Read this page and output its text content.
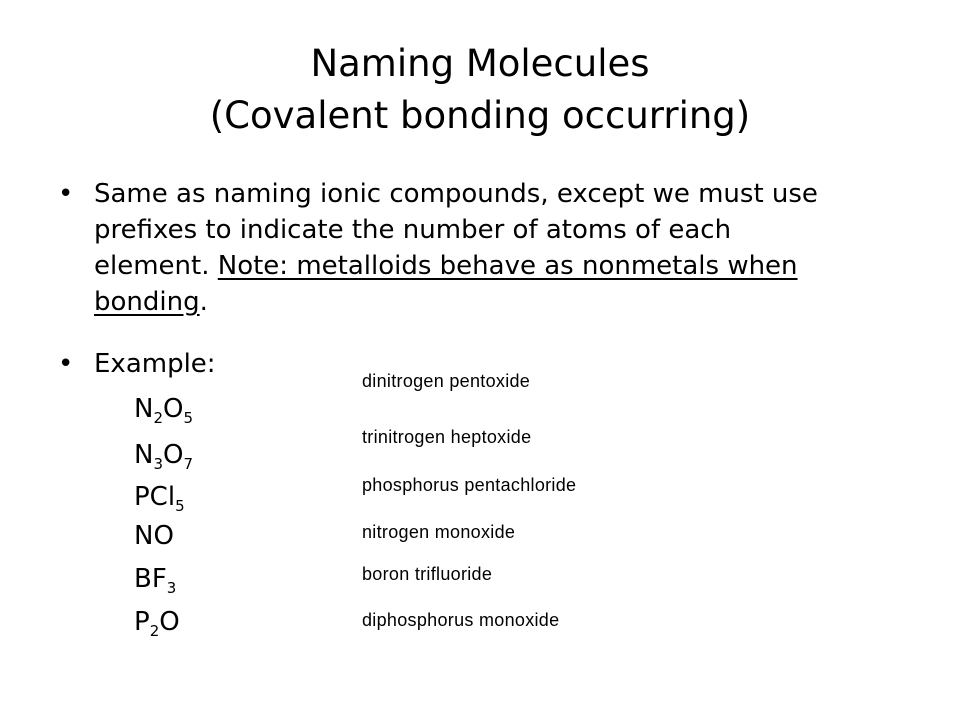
Naming Molecules
(Covalent bonding occurring)
• Same as naming ionic compounds, except we must use prefixes to indicate the number of atoms of each element. Note: metalloids behave as nonmetals when bonding.
• Example:
$N_2O_5$
$N_3O_7$
PCl$_5$
NO
$BF_3$
$P_2O$
dinitrogen pentoxide
trinitrogen heptoxide
phosphorus pentachloride
nitrogen monoxide
boron trifluoride
diphosphorus monoxide
